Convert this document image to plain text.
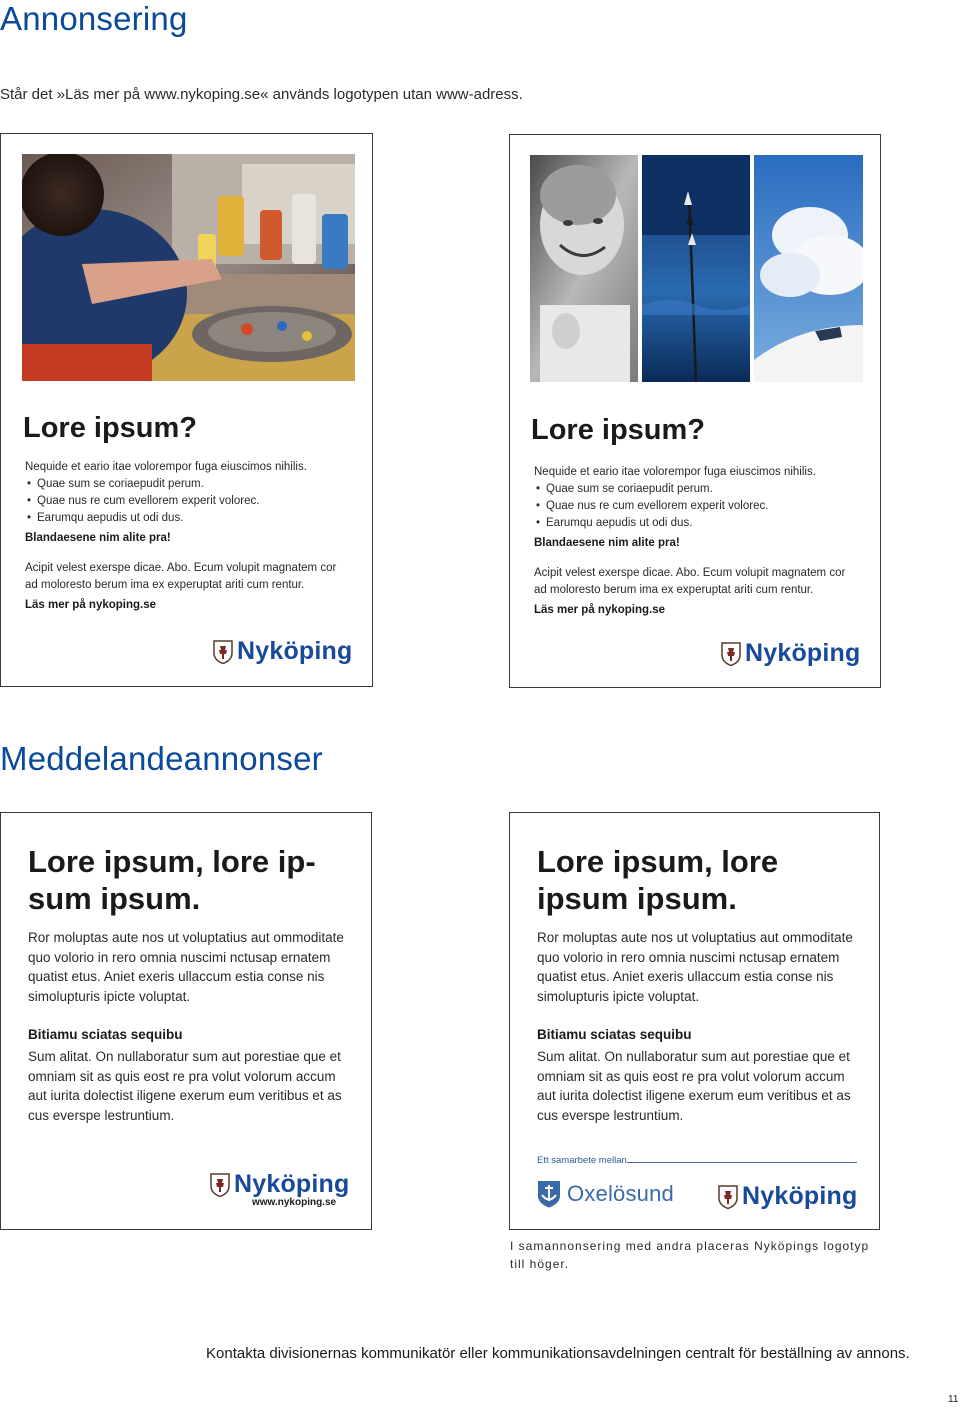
Annonsering
Står det »Läs mer på www.nykoping.se« används logotypen utan www-adress.
Lore ipsum?

Nequide et eario itae volorempor fuga eiuscimos nihilis.

• Quae sum se coriaepudit perum.
• Quae nus re cum evellorem experit volorec.
• Earumqu aepudis ut odi dus.

Blandaesene nim alite pra!

Acipit velest exerspe dicae. Abo. Ecum volupit magnatem cor

ad moloresto berum ima ex experuptat ariti cum rentur.

Läs mer på nykoping.se

Nyköping
Lore ipsum?

Nequide et eario itae volorempor fuga eiuscimos nihilis.

• Quae sum se coriaepudit perum.
• Quae nus re cum evellorem experit volorec.
• Earumqu aepudis ut odi dus.

Blandaesene nim alite pra!

Acipit velest exerspe dicae. Abo. Ecum volupit magnatem cor

ad moloresto berum ima ex experuptat ariti cum rentur.

Läs mer på nykoping.se

Nyköping
Meddelandeannonser
Lore ipsum, lore ip-
sum ipsum.

Ror moluptas aute nos ut voluptatius aut ommoditate

quo volorio in rero omnia nuscimi nctusap ernatem

quatist etus. Aniet exeris ullaccum estia conse nis

simolupturis ipicte voluptat.

Bitiamu sciatas sequibu

Sum alitat. On nullaboratur sum aut porestiae que et

omniam sit as quis eost re pra volut volorum accum

aut iurita dolectist iligene exerum eum veritibus et as

cus everspe lestruntium.

Nyköping
www.nykoping.se
Lore ipsum, lore
ipsum ipsum.

Ror moluptas aute nos ut voluptatius aut ommoditate

quo volorio in rero omnia nuscimi nctusap ernatem

quatist etus. Aniet exeris ullaccum estia conse nis

simolupturis ipicte voluptat.

Bitiamu sciatas sequibu

Sum alitat. On nullaboratur sum aut porestiae que et

omniam sit as quis eost re pra volut volorum accum

aut iurita dolectist iligene exerum eum veritibus et as

cus everspe lestruntium.

Ett samarbete mellan
Oxelösund	Nyköping
I samannonsering med andra placeras Nyköpings logotyp
till höger.
Kontakta divisionernas kommunikatör eller kommunikationsavdelningen centralt för beställning av annons.
11
